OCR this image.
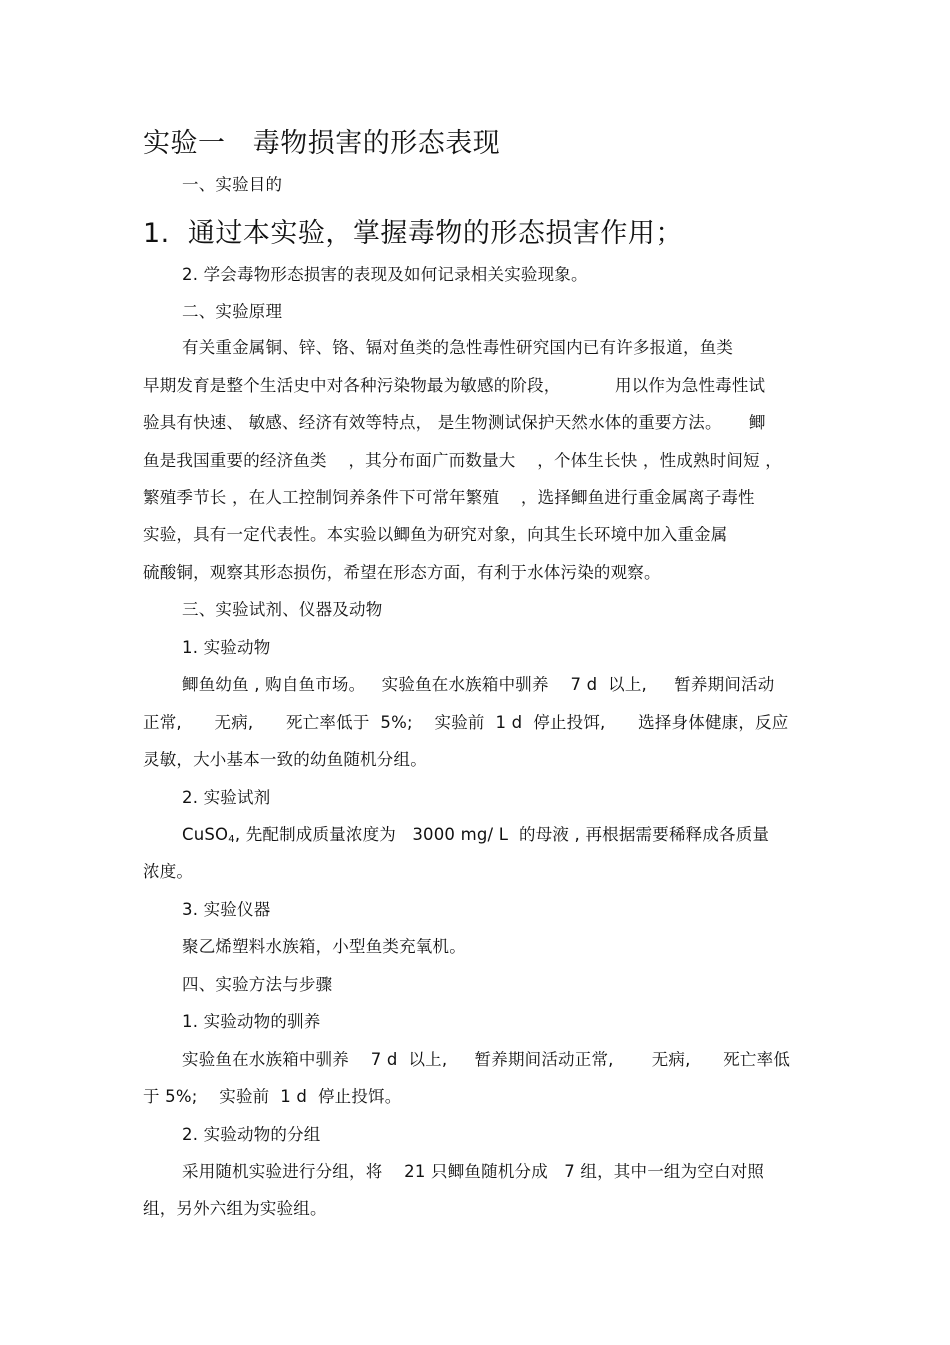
实验一   毒物损害的形态表现
一、实验目的
1.  通过本实验，掌握毒物的形态损害作用；
2. 学会毒物形态损害的表现及如何记录相关实验现象。
二、实验原理
有关重金属铜、锌、铬、镉对鱼类的急性毒性研究国内已有许多报道，鱼类
早期发育是整个生活史中对各种污染物最为敏感的阶段，          用以作为急性毒性试
验具有快速、 敏感、经济有效等特点， 是生物测试保护天然水体的重要方法。     鲫
鱼是我国重要的经济鱼类    ，其分布面广而数量大    ，个体生长快 ，性成熟时间短 ，
繁殖季节长 ，在人工控制饲养条件下可常年繁殖    ，选择鲫鱼进行重金属离子毒性
实验，具有一定代表性。本实验以鲫鱼为研究对象，向其生长环境中加入重金属
硫酸铜，观察其形态损伤，希望在形态方面，有利于水体污染的观察。
三、实验试剂、仪器及动物
1. 实验动物
鲫鱼幼鱼 , 购自鱼市场。   实验鱼在水族箱中驯养    7 d  以上,     暂养期间活动
正常,      无病,      死亡率低于  5%;    实验前  1 d  停止投饵,      选择身体健康，反应
灵敏，大小基本一致的幼鱼随机分组。
2. 实验试剂
CuSO4, 先配制成质量浓度为   3000 mg/ L  的母液 , 再根据需要稀释成各质量
浓度。
3. 实验仪器
聚乙烯塑料水族箱，小型鱼类充氧机。
四、实验方法与步骤
1. 实验动物的驯养
实验鱼在水族箱中驯养    7 d  以上,     暂养期间活动正常,       无病,      死亡率低
于 5%;    实验前  1 d  停止投饵。
2. 实验动物的分组
采用随机实验进行分组，将    21 只鲫鱼随机分成   7 组，其中一组为空白对照
组，另外六组为实验组。
